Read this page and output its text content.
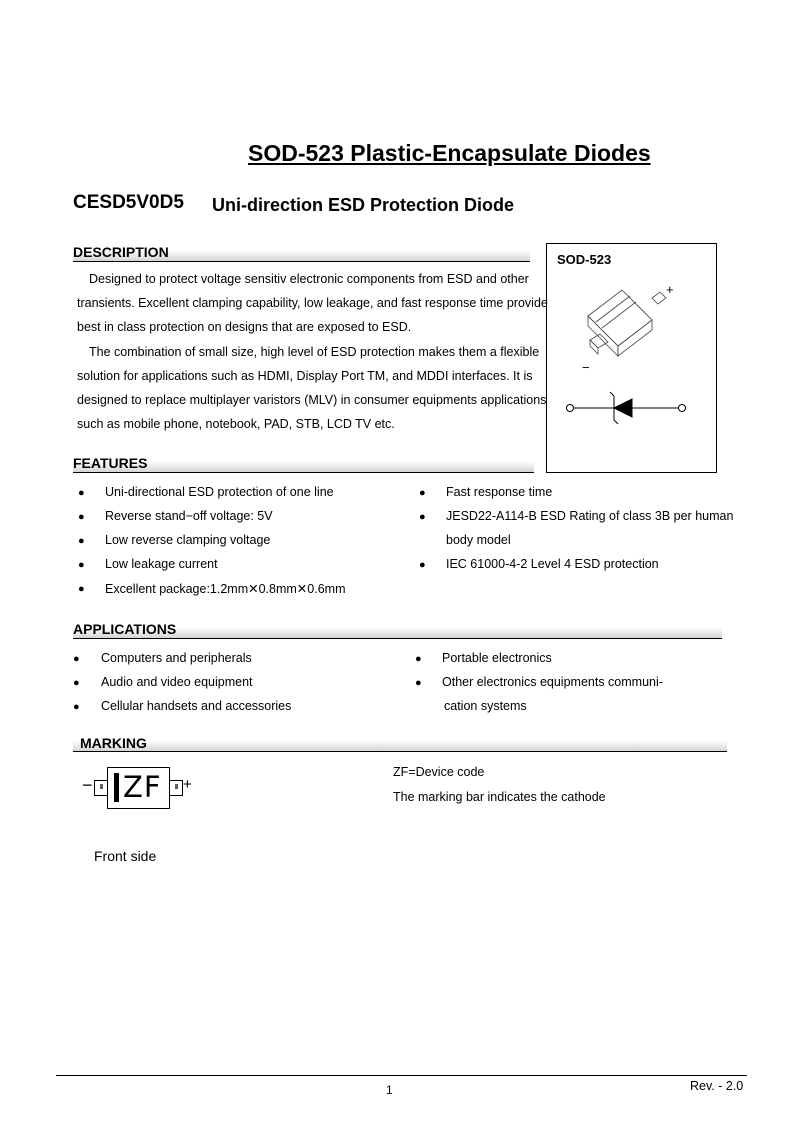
SOD-523 Plastic-Encapsulate Diodes
CESD5V0D5 Uni-direction ESD Protection Diode
DESCRIPTION
Designed to protect voltage sensitiv electronic components from ESD and other
transients. Excellent clamping capability, low leakage, and fast response time provide
best in class protection on designs that are exposed to ESD.
The combination of small size, high level of ESD protection makes them a flexible
solution for applications such as HDMI, Display Port TM, and MDDI interfaces. It is
designed to replace multiplayer varistors (MLV) in consumer equipments applications
such as mobile phone, notebook, PAD, STB, LCD TV etc.
SOD-523
+
−
FEATURES
● Uni-directional ESD protection of one line
● Reverse stand−off voltage: 5V
● Low reverse clamping voltage
● Low leakage current
● Excellent package:1.2mm✕0.8mm✕0.6mm
● Fast response time
● JESD22-A114-B ESD Rating of class 3B per human
body model
● IEC 61000-4-2 Level 4 ESD protection
APPLICATIONS
● Computers and peripherals
● Audio and video equipment
● Cellular handsets and accessories
● Portable electronics
● Other electronics equipments communi-
cation systems
MARKING
−	III ZF	III +
ZF=Device code
The marking bar indicates the cathode
Front side
1	Rev. - 2.0
